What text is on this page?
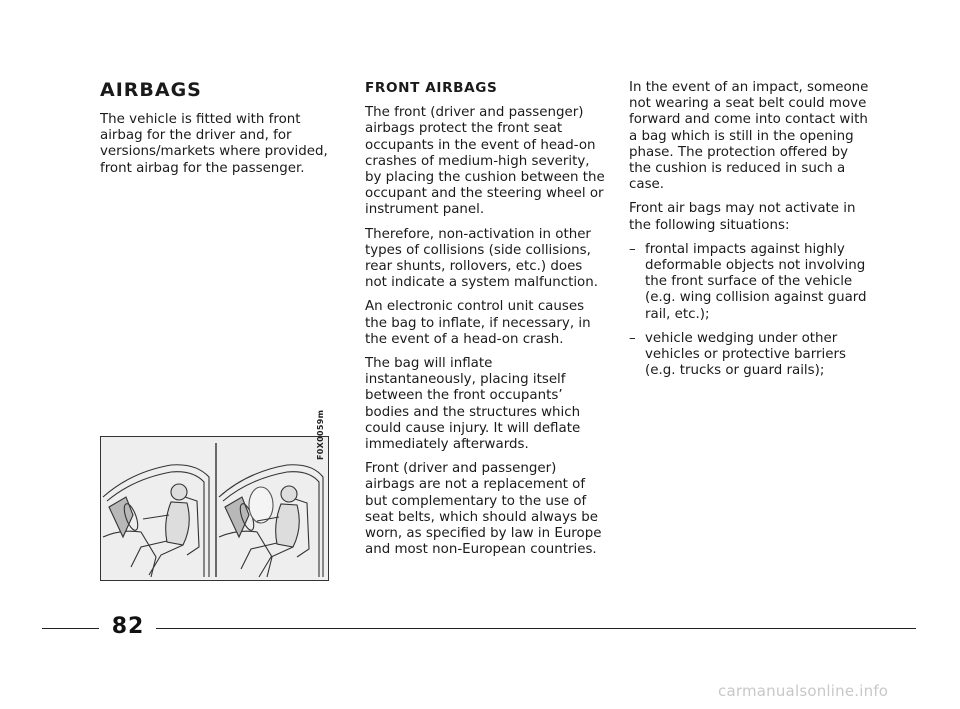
AIRBAGS

The vehicle is fitted with front airbag for the driver and, for versions/markets where provided, front airbag for the passenger.

FRONT AIRBAGS

The front (driver and passenger) airbags protect the front seat occupants in the event of head-on crashes of medium-high severity, by placing the cushion between the occupant and the steering wheel or instrument panel.

Therefore, non-activation in other types of collisions (side collisions, rear shunts, rollovers, etc.) does not indicate a system malfunction.

An electronic control unit causes the bag to inflate, if necessary, in the event of a head-on crash.

The bag will inflate instantaneously, placing itself between the front occupants’ bodies and the structures which could cause injury. It will deflate immediately afterwards.

Front (driver and passenger) airbags are not a replacement of but complementary to the use of seat belts, which should always be worn, as specified by law in Europe and most non-European countries.

In the event of an impact, someone not wearing a seat belt could move forward and come into contact with a bag which is still in the opening phase. The protection offered by the cushion is reduced in such a case.

Front air bags may not activate in the following situations:

– frontal impacts against highly deformable objects not involving the front surface of the vehicle (e.g. wing collision against guard rail, etc.);
– vehicle wedging under other vehicles or protective barriers (e.g. trucks or guard rails);
F0X0059m
82
carmanualsonline.info
